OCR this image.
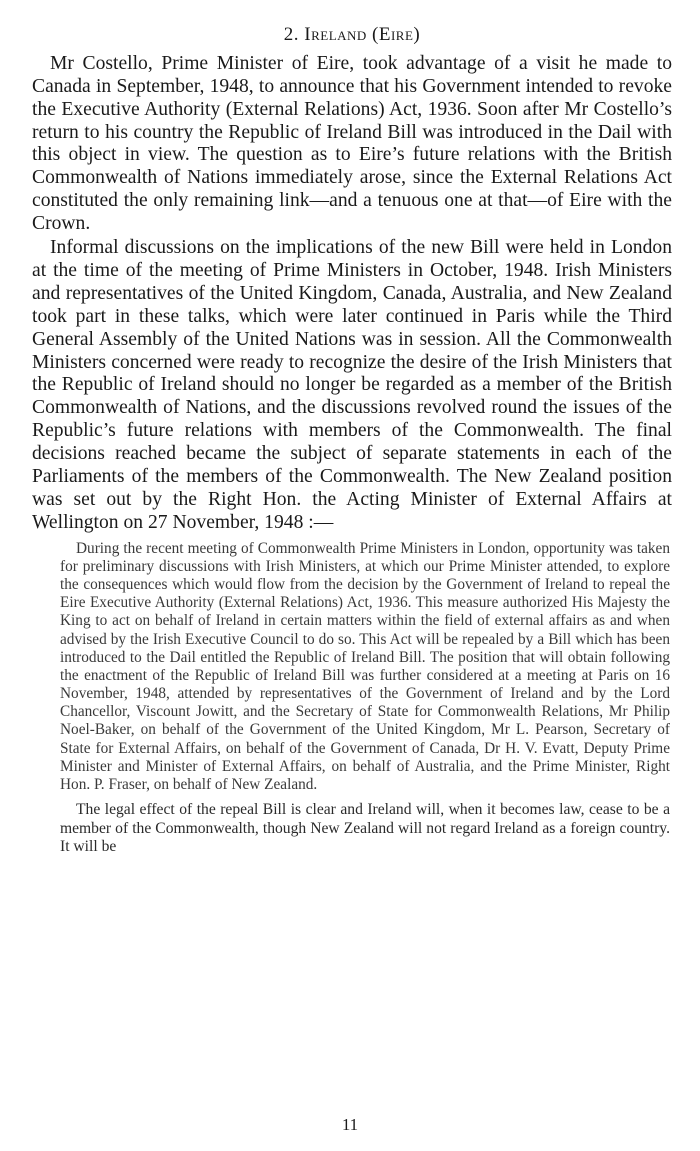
2. Ireland (Eire)

Mr Costello, Prime Minister of Eire, took advantage of a visit he made to Canada in September, 1948, to announce that his Government intended to revoke the Executive Authority (External Relations) Act, 1936. Soon after Mr Costello’s return to his country the Republic of Ireland Bill was introduced in the Dail with this object in view. The question as to Eire’s future relations with the British Commonwealth of Nations immediately arose, since the External Relations Act constituted the only remaining link—and a tenuous one at that—of Eire with the Crown.

Informal discussions on the implications of the new Bill were held in London at the time of the meeting of Prime Ministers in October, 1948. Irish Ministers and representatives of the United Kingdom, Canada, Australia, and New Zealand took part in these talks, which were later continued in Paris while the Third General Assembly of the United Nations was in session. All the Commonwealth Ministers concerned were ready to recognize the desire of the Irish Ministers that the Republic of Ireland should no longer be regarded as a member of the British Commonwealth of Nations, and the discussions revolved round the issues of the Republic’s future relations with members of the Commonwealth. The final decisions reached became the subject of separate statements in each of the Parliaments of the members of the Commonwealth. The New Zealand position was set out by the Right Hon. the Acting Minister of External Affairs at Wellington on 27 November, 1948 :—

During the recent meeting of Commonwealth Prime Ministers in London, opportunity was taken for preliminary discussions with Irish Ministers, at which our Prime Minister attended, to explore the consequences which would flow from the decision by the Government of Ireland to repeal the Eire Executive Authority (External Relations) Act, 1936. This measure authorized His Majesty the King to act on behalf of Ireland in certain matters within the field of external affairs as and when advised by the Irish Executive Council to do so. This Act will be repealed by a Bill which has been introduced to the Dail entitled the Republic of Ireland Bill. The position that will obtain following the enactment of the Republic of Ireland Bill was further considered at a meeting at Paris on 16 November, 1948, attended by representatives of the Government of Ireland and by the Lord Chancellor, Viscount Jowitt, and the Secretary of State for Commonwealth Relations, Mr Philip Noel-Baker, on behalf of the Government of the United Kingdom, Mr L. Pearson, Secretary of State for External Affairs, on behalf of the Government of Canada, Dr H. V. Evatt, Deputy Prime Minister and Minister of External Affairs, on behalf of Australia, and the Prime Minister, Right Hon. P. Fraser, on behalf of New Zealand.

The legal effect of the repeal Bill is clear and Ireland will, when it becomes law, cease to be a member of the Commonwealth, though New Zealand will not regard Ireland as a foreign country. It will be

11
